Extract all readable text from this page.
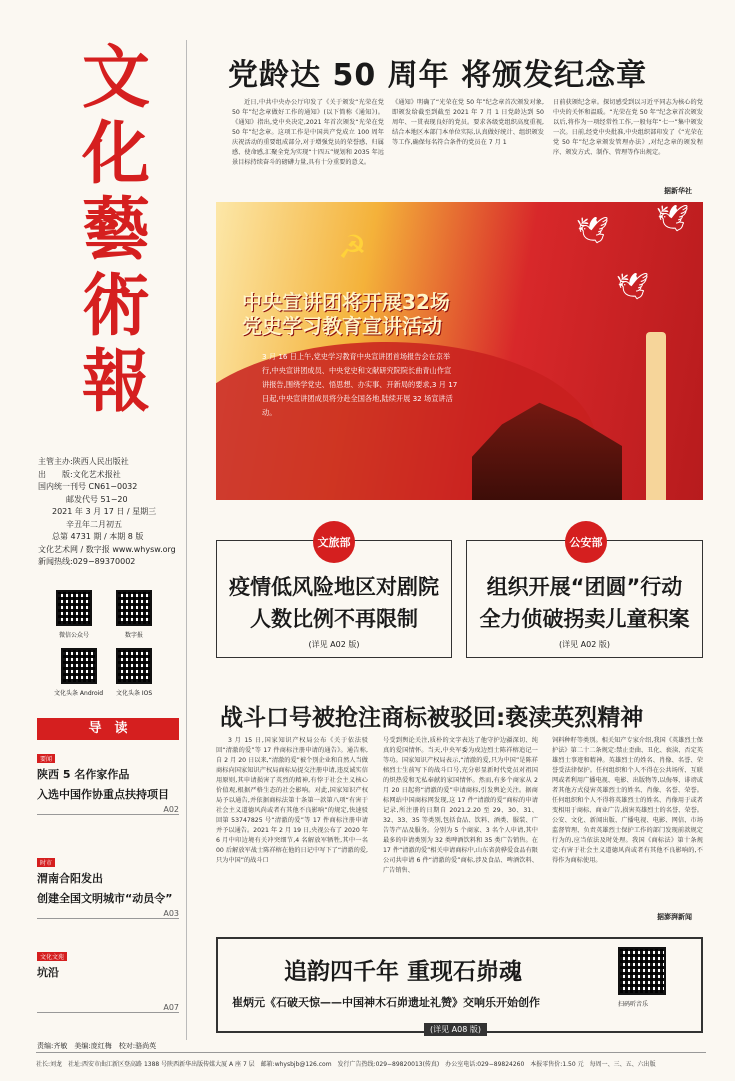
文
化
藝
術
報
主管主办:陕西人民出版社
出　　版:文化艺术报社
国内统一刊号 CN61−0032
邮发代号 51−20
2021 年 3 月 17 日 / 星期三
辛丑年二月初五
总第 4731 期 / 本期 8 版
文化艺术网 / 数字报 www.whysw.org
新闻热线:029−89370002
微信公众号	数字报
文化头条 Android 文化头条 IOS
党龄达 50 周年 将颁发纪念章
近日,中共中央办公厅印发了《关于颁发“光荣在党 50 年”纪念章做好工作的通知》(以下简称《通知》)。《通知》指出,党中央决定,2021 年首次颁发“光荣在党 50 年”纪念章。这项工作是中国共产党成立 100 周年庆祝活动的重要组成部分,对于增强党员的荣誉感、归属感、使命感,汇聚全党为实现“十四五”规划和 2035 年远景目标持续奋斗的磅礴力量,具有十分重要的意义。
《通知》明确了“光荣在党 50 年”纪念章首次颁发对象,即颁发给截至到截至 2021 年 7 月 1 日党龄达到 50 周年、一贯表现良好的党员。要求各级党组织高度重视,结合本地区本部门本单位实际,认真做好统计、组织颁发等工作,确保每名符合条件的党员在 7 月 1
日前获颁纪念章。探切感受到以习近平同志为核心的党中央的关怀和温暖。“光荣在党 50 年”纪念章首次颁发以后,将作为一项经常性工作,一般每年“七一”集中颁发一次。日前,经党中央批准,中央组织部印发了《“光荣在党 50 年”纪念章颁发管理办法》,对纪念章的颁发程序、颁发方式、制作、管理等作出规定。
据新华社
☭	🕊 🕊
🕊
中央宣讲团将开展32场
党史学习教育宣讲活动
3 月 16 日上午,党史学习教育中央宣讲团首场报告会在京举行,中央宣讲团成员、中央党史和文献研究院院长曲青山作宣讲报告,围绕学党史、悟思想、办实事、开新局的要求,3 月 17 日起,中央宣讲团成员将分赴全国各地,陆续开展 32 场宣讲活动。
疫情低风险地区对剧院
人数比例不再限制
(详见 A02 版)
文旅部
组织开展“团圆”行动
全力侦破拐卖儿童积案
(详见 A02 版)
公安部
战斗口号被抢注商标被驳回:亵渎英烈精神
3 月 15 日,国家知识产权局公布《关于依法驳回“清澈的爱”等 17 件商标注册申请的通告》。通告称,自 2 月 20 日以来,“清澈的爱”被个别企业和自然人当做商标向国家知识产权局商标局提交注册申请,违反诚实信用原则,其申请损害了英烈的精神,有悖于社会主义核心价值观,根据严格生态的社会影响。对此,国家知识产权局予以通告,并依据商标法第十条第一款第八项“有害于社会主义道德风尚或者有其他不良影响”的规定,快速驳回第 53747825 号“清澈的爱”等 17 件商标注册申请并予以通告。2021 年 2 月 19 日,央视公布了 2020 年 6 月中印边境有关冲突细节,4 名解放军牺牲,其中一名 00 后解放军战士陈祥榕在他的日记中写下了“清澈的爱,只为中国”的战斗口
号受到舆论关注,质朴的文字表达了他守护边疆深切、纯真的爱国情怀。当天,中央军委为戍边烈士陈祥榕追记一等功。国家知识产权局表示,“清澈的爱,只为中国”是陈祥榕烈士生前写下的战斗口号,充分彰显新时代党员对祖国的炽热爱和无私奉献的家国情怀。然而,有多个商家从 2 月 20 日起将“清澈的爱”申请商标,引发舆论关注。据商标网站中国商标网发现,这 17 件“清澈的爱”商标的申请记录,所注册的日期自 2021.2.20 至 29、30、31、32、33、35 等类别,包括食品、饮料、酒类、服装、广告等产品及服务。分别为 5 个商家、3 名个人申请,其中最多的申请类别为 32 类啤酒饮料和 35 类广告销售。在 17 件“清澈的爱”相关申请商标中,山东省黄骅爱食品有限公司共申请 6 件“清澈的爱”商标,涉及食品、啤酒饮料、广告销售、
饲料种籽等类别。相关知产专家介绍,我国《英雄烈士保护法》第二十二条规定:禁止歪曲、丑化、亵渎、否定英雄烈士事迹和精神。英雄烈士的姓名、肖像、名誉、荣誉受法律保护。任何组织和个人不得在公共场所、互联网或者利用广播电视、电影、出版物等,以侮辱、诽谤或者其他方式侵害英雄烈士的姓名、肖像、名誉、荣誉。任何组织和个人不得将英雄烈士的姓名、肖像用于或者变相用于商标、商业广告,损害英雄烈士的名誉、荣誉。公安、文化、新闻出版、广播电视、电影、网信、市场监督管理、负责英雄烈士保护工作的部门发现前款规定行为的,应当依法及时处理。我国《商标法》第十条规定:有害于社会主义道德风尚或者有其他不良影响的,不得作为商标使用。
据澎湃新闻
导　读
要闻
陕西 5 名作家作品
入选中国作协重点扶持项目
A02
时市
渭南合阳发出
创建全国文明城市“动员令”
A03
文化文苑
坑沿
A07
追韵四千年 重现石峁魂
崔炳元《石破天惊——中国神木石峁遗址礼赞》交响乐开始创作
(详见 A08 版)
扫码听音乐
责编:齐敏　美编:庞红梅　校对:骆尚英
社长:刘龙　社址:西安市曲江新区登高路 1388 号陕西新华出版传媒大厦 A 座 7 层　邮箱:whysbjb@126.com　发行广告热线:029−89820013(传真)　办公室电话:029−89824260　本报零售价:1.50 元　每周一、三、五、六出版
